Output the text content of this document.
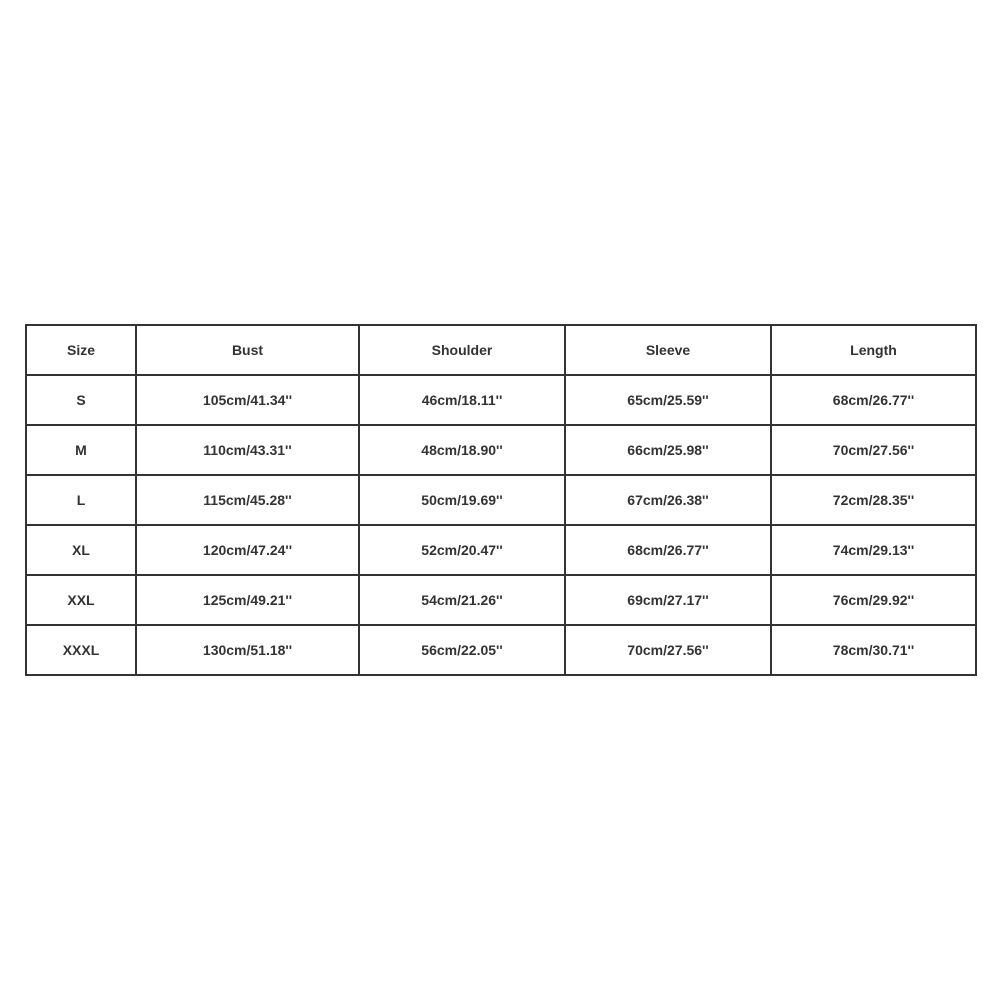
Size	Bust	Shoulder	Sleeve	Length
S	105cm/41.34''	46cm/18.11''	65cm/25.59''	68cm/26.77''
M	110cm/43.31''	48cm/18.90''	66cm/25.98''	70cm/27.56''
L	115cm/45.28''	50cm/19.69''	67cm/26.38''	72cm/28.35''
XL	120cm/47.24''	52cm/20.47''	68cm/26.77''	74cm/29.13''
XXL	125cm/49.21''	54cm/21.26''	69cm/27.17''	76cm/29.92''
XXXL	130cm/51.18''	56cm/22.05''	70cm/27.56''	78cm/30.71''
